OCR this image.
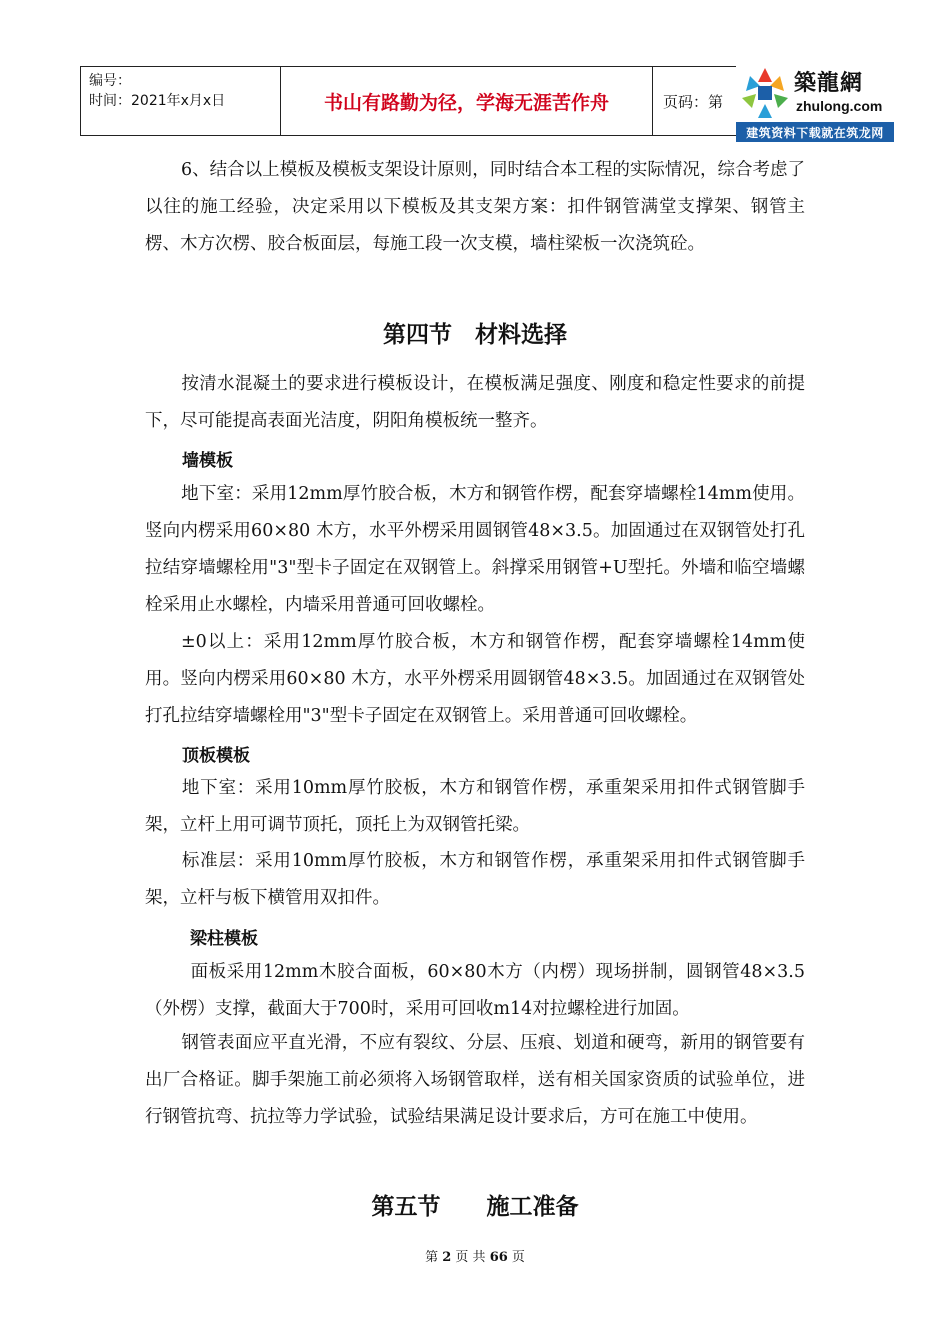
编号：
时间：2021年x月x日	书山有路勤为径，学海无涯苦作舟	页码：第
築龍網
zhulong.com
建筑资料下载就在筑龙网
6、结合以上模板及模板支架设计原则，同时结合本工程的实际情况，综合考虑了以往的施工经验，决定采用以下模板及其支架方案：扣件钢管满堂支撑架、钢管主楞、木方次楞、胶合板面层，每施工段一次支模，墙柱梁板一次浇筑砼。
第四节　材料选择
按清水混凝土的要求进行模板设计，在模板满足强度、刚度和稳定性要求的前提下，尽可能提高表面光洁度，阴阳角模板统一整齐。
墙模板
地下室：采用12mm厚竹胶合板，木方和钢管作楞，配套穿墙螺栓14mm使用。竖向内楞采用60×80 木方，水平外楞采用圆钢管48×3.5。加固通过在双钢管处打孔拉结穿墙螺栓用"3"型卡子固定在双钢管上。斜撑采用钢管+U型托。外墙和临空墙螺栓采用止水螺栓，内墙采用普通可回收螺栓。
±0以上：采用12mm厚竹胶合板，木方和钢管作楞，配套穿墙螺栓14mm使用。竖向内楞采用60×80 木方，水平外楞采用圆钢管48×3.5。加固通过在双钢管处打孔拉结穿墙螺栓用"3"型卡子固定在双钢管上。采用普通可回收螺栓。
顶板模板
地下室：采用10mm厚竹胶板，木方和钢管作楞，承重架采用扣件式钢管脚手架，立杆上用可调节顶托，顶托上为双钢管托梁。
标准层：采用10mm厚竹胶板，木方和钢管作楞，承重架采用扣件式钢管脚手架，立杆与板下横管用双扣件。
梁柱模板
面板采用12mm木胶合面板，60×80木方（内楞）现场拼制，圆钢管48×3.5（外楞）支撑，截面大于700时，采用可回收m14对拉螺栓进行加固。
钢管表面应平直光滑，不应有裂纹、分层、压痕、划道和硬弯，新用的钢管要有出厂合格证。脚手架施工前必须将入场钢管取样，送有相关国家资质的试验单位，进行钢管抗弯、抗拉等力学试验，试验结果满足设计要求后，方可在施工中使用。
第五节　　施工准备
第 2 页 共 66 页
